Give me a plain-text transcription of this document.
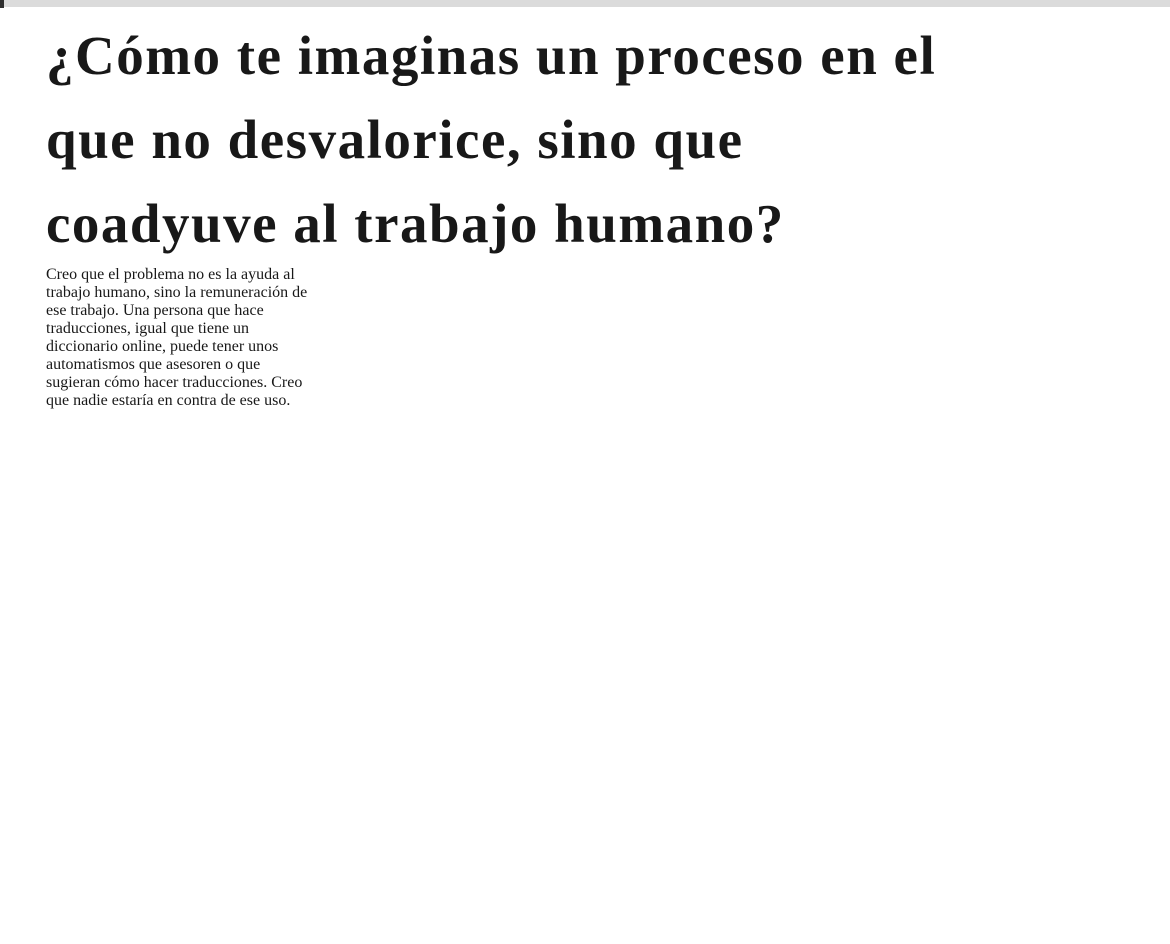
¿Cómo te imaginas un proceso en el
que no desvalorice, sino que
coadyuve al trabajo humano?

Creo que el problema no es la ayuda al
trabajo humano, sino la remuneración de
ese trabajo. Una persona que hace
traducciones, igual que tiene un
diccionario online, puede tener unos
automatismos que asesoren o que
sugieran cómo hacer traducciones. Creo
que nadie estaría en contra de ese uso.
